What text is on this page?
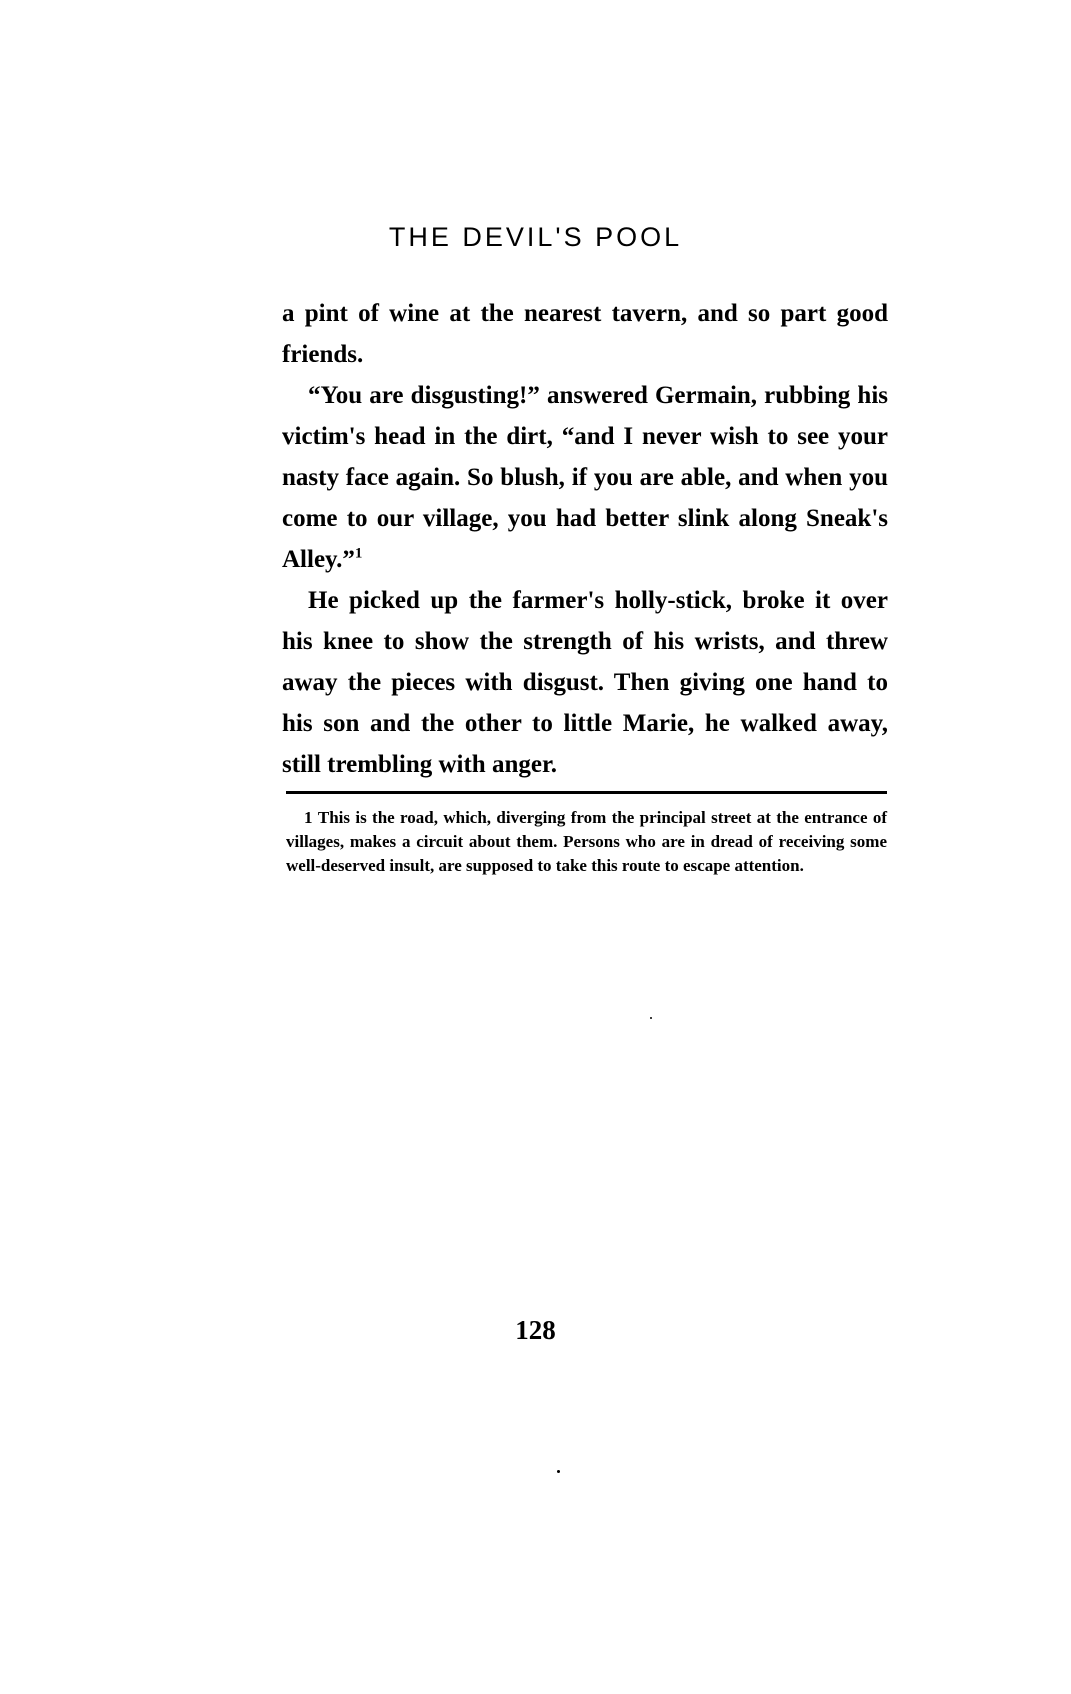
THE DEVIL'S POOL

a pint of wine at the nearest tavern, and so part good friends.

“You are disgusting!” answered Germain, rubbing his victim's head in the dirt, “and I never wish to see your nasty face again. So blush, if you are able, and when you come to our village, you had better slink along Sneak's Alley.”$^1$

He picked up the farmer's holly-stick, broke it over his knee to show the strength of his wrists, and threw away the pieces with disgust. Then giving one hand to his son and the other to little Marie, he walked away, still trembling with anger.

1 This is the road, which, diverging from the principal street at the entrance of villages, makes a circuit about them. Persons who are in dread of receiving some well-deserved insult, are supposed to take this route to escape attention.

128
